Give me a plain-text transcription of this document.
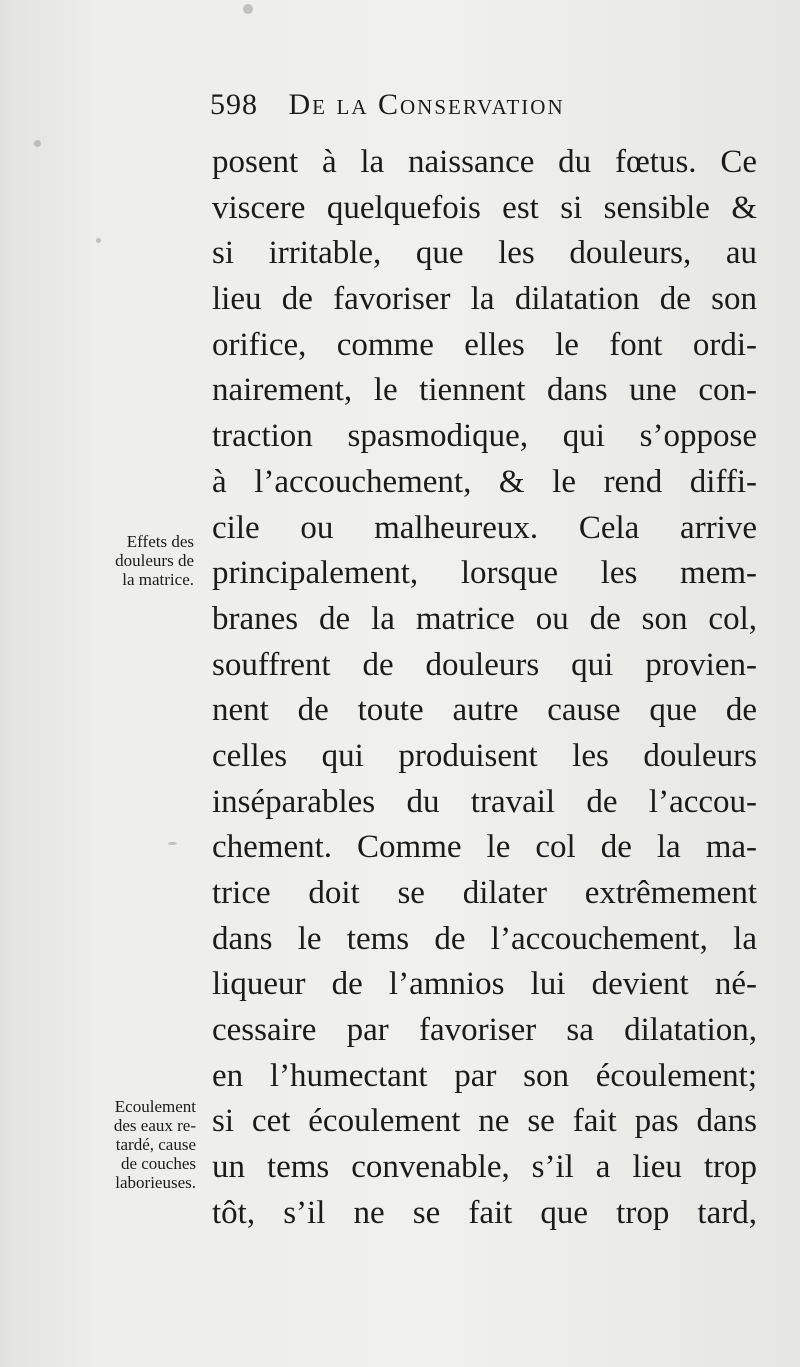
598 De la Conservation
posent à la naissance du fœtus. Ce
viscere quelquefois est si sensible &
si irritable, que les douleurs, au
lieu de favoriser la dilatation de son
orifice, comme elles le font ordi-
nairement, le tiennent dans une con-
traction spasmodique, qui s’oppose
à l’accouchement, & le rend diffi-
cile ou malheureux. Cela arrive
principalement, lorsque les mem-
branes de la matrice ou de son col,
souffrent de douleurs qui provien-
nent de toute autre cause que de
celles qui produisent les douleurs
inséparables du travail de l’accou-
chement. Comme le col de la ma-
trice doit se dilater extrêmement
dans le tems de l’accouchement, la
liqueur de l’amnios lui devient né-
cessaire par favoriser sa dilatation,
en l’humectant par son écoulement;
si cet écoulement ne se fait pas dans
un tems convenable, s’il a lieu trop
tôt, s’il ne se fait que trop tard,
Effets des
douleurs de
la matrice.
Ecoulement
des eaux re-
tardé, cause
de couches
laborieuses.
